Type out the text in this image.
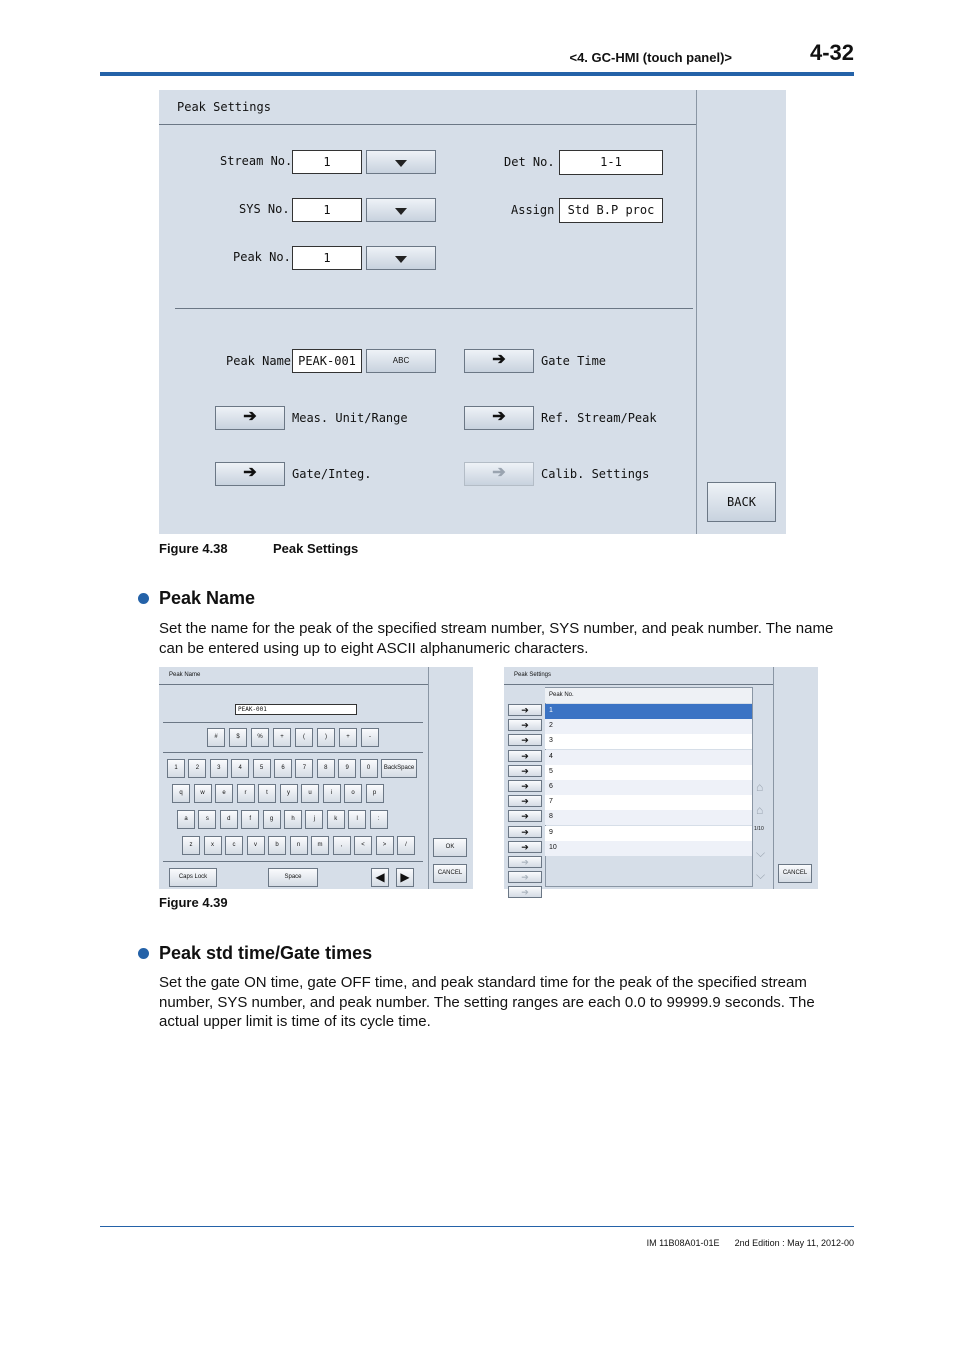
<4. GC-HMI (touch panel)>	4-32
Peak Settings
Stream No.	1
SYS No.	1
Peak No.	1
Det No.	1-1
Assign	Std B.P proc
Peak Name PEAK-001	ABC	➔	Gate Time
➔	Meas. Unit/Range	➔	Ref. Stream/Peak
➔	Gate/Integ.	➔	Calib. Settings
BACK
Figure 4.38	Peak Settings
Peak Name
Set the name for the peak of the specified stream number, SYS number, and peak number. The name can be entered using up to eight ASCII alphanumeric characters.
Peak Name
PEAK-001
Caps Lock	Space	◀	▶
OK
CANCEL
#	$	%	+	(	)	+	-
1	2	3	4	5	6	7	8	9	0	BackSpace
q	w	e	r	t	y	u	i	o	p
a	s	d	f	g	h	j	k	l	:
z	x	c	v	b	n	m	,	<	>	/
Peak Settings
Peak No.
⌂
⌂
1/10
⌵
⌵	CANCEL
1
➔
2
➔
3
➔
4
➔
5
➔
6
➔
7
➔
8
➔
9
➔
10
➔
➔
➔
➔
Figure 4.39
Peak std time/Gate times
Set the gate ON time, gate OFF time, and peak standard time for the peak of the specified stream number, SYS number, and peak number. The setting ranges are each 0.0 to 99999.9 seconds. The actual upper limit is time of its cycle time.
IM 11B08A01-01E 2nd Edition : May 11, 2012-00
